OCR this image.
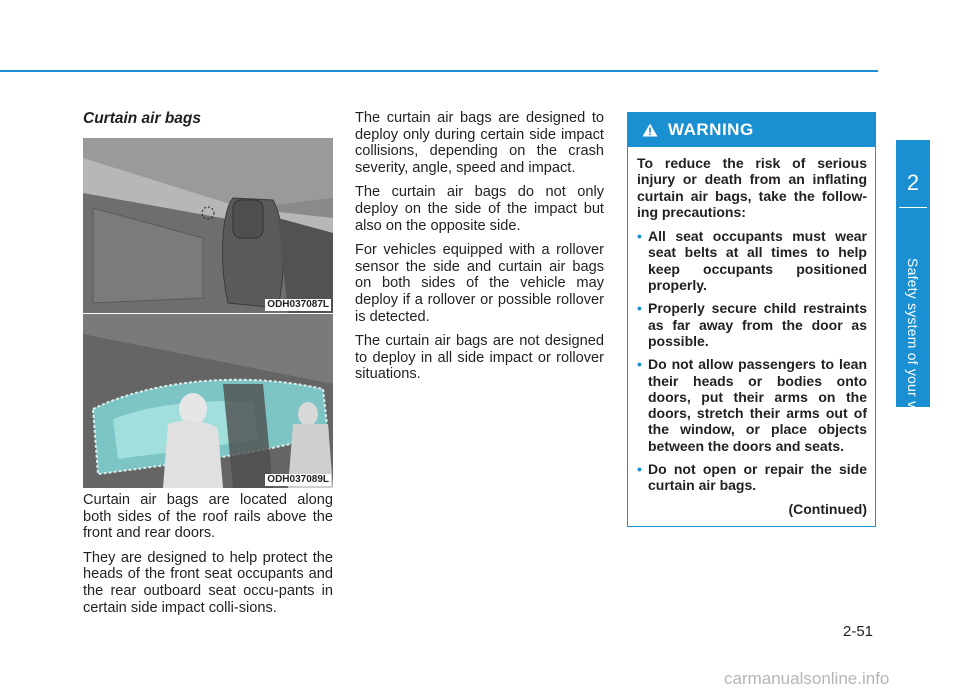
Curtain air bags
ODH037087L
ODH037089L

Curtain air bags are located along both sides of the roof rails above the front and rear doors.

They are designed to help protect the heads of the front seat occupants and the rear outboard seat occu-pants in certain side impact colli-sions.

The curtain air bags are designed to deploy only during certain side impact collisions, depending on the crash severity, angle, speed and impact.

The curtain air bags do not only deploy on the side of the impact but also on the opposite side.

For vehicles equipped with a rollover sensor the side and curtain air bags on both sides of the vehicle may deploy if a rollover or possible rollover is detected.

The curtain air bags are not designed to deploy in all side impact or rollover situations.

WARNING

To reduce the risk of serious injury or death from an inflating curtain air bags, take the follow-ing precautions:

• All seat occupants must wear seat belts at all times to help keep occupants positioned properly.
• Properly secure child restraints as far away from the door as possible.
• Do not allow passengers to lean their heads or bodies onto doors, put their arms on the doors, stretch their arms out of the window, or place objects between the doors and seats.
• Do not open or repair the side curtain air bags.
(Continued)
2
Safety system of your vehicle
2-51
carmanualsonline.info
